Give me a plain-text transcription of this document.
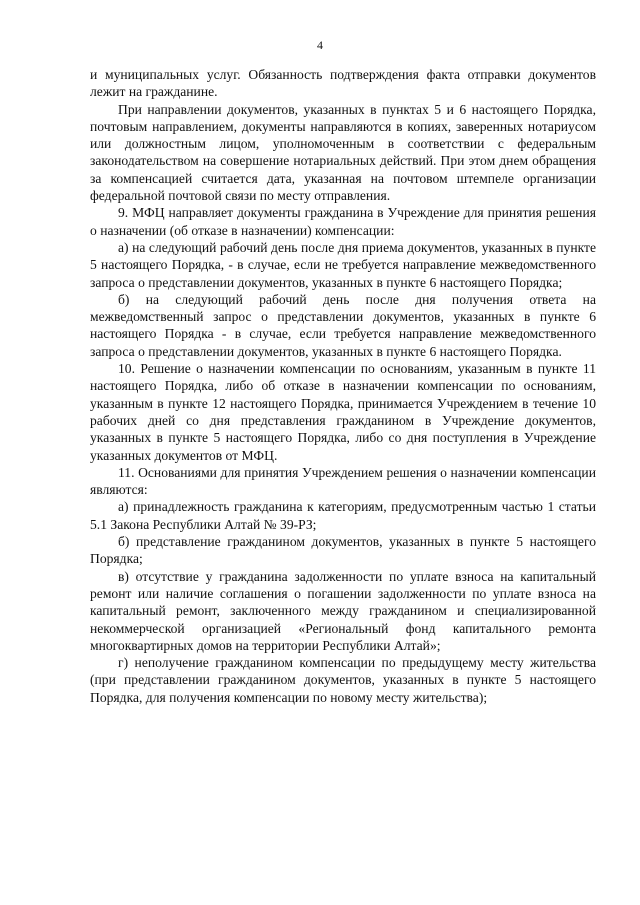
4

и муниципальных услуг. Обязанность подтверждения факта отправки документов лежит на гражданине.

При направлении документов, указанных в пунктах 5 и 6 настоящего Порядка, почтовым направлением, документы направляются в копиях, заверенных нотариусом или должностным лицом, уполномоченным в соответствии с федеральным законодательством на совершение нотариальных действий. При этом днем обращения за компенсацией считается дата, указанная на почтовом штемпеле организации федеральной почтовой связи по месту отправления.

9. МФЦ направляет документы гражданина в Учреждение для принятия решения о назначении (об отказе в назначении) компенсации:

а) на следующий рабочий день после дня приема документов, указанных в пункте 5 настоящего Порядка, - в случае, если не требуется направление межведомственного запроса о представлении документов, указанных в пункте 6 настоящего Порядка;

б) на следующий рабочий день после дня получения ответа на межведомственный запрос о представлении документов, указанных в пункте 6 настоящего Порядка - в случае, если требуется направление межведомственного запроса о представлении документов, указанных в пункте 6 настоящего Порядка.

10. Решение о назначении компенсации по основаниям, указанным в пункте 11 настоящего Порядка, либо об отказе в назначении компенсации по основаниям, указанным в пункте 12 настоящего Порядка, принимается Учреждением в течение 10 рабочих дней со дня представления гражданином в Учреждение документов, указанных в пункте 5 настоящего Порядка, либо со дня поступления в Учреждение указанных документов от МФЦ.

11. Основаниями для принятия Учреждением решения о назначении компенсации являются:

а) принадлежность гражданина к категориям, предусмотренным частью 1 статьи 5.1 Закона Республики Алтай № 39-РЗ;

б) представление гражданином документов, указанных в пункте 5 настоящего Порядка;

в) отсутствие у гражданина задолженности по уплате взноса на капитальный ремонт или наличие соглашения о погашении задолженности по уплате взноса на капитальный ремонт, заключенного между гражданином и специализированной некоммерческой организацией «Региональный фонд капитального ремонта многоквартирных домов на территории Республики Алтай»;

г) неполучение гражданином компенсации по предыдущему месту жительства (при представлении гражданином документов, указанных в пункте 5 настоящего Порядка, для получения компенсации по новому месту жительства);
